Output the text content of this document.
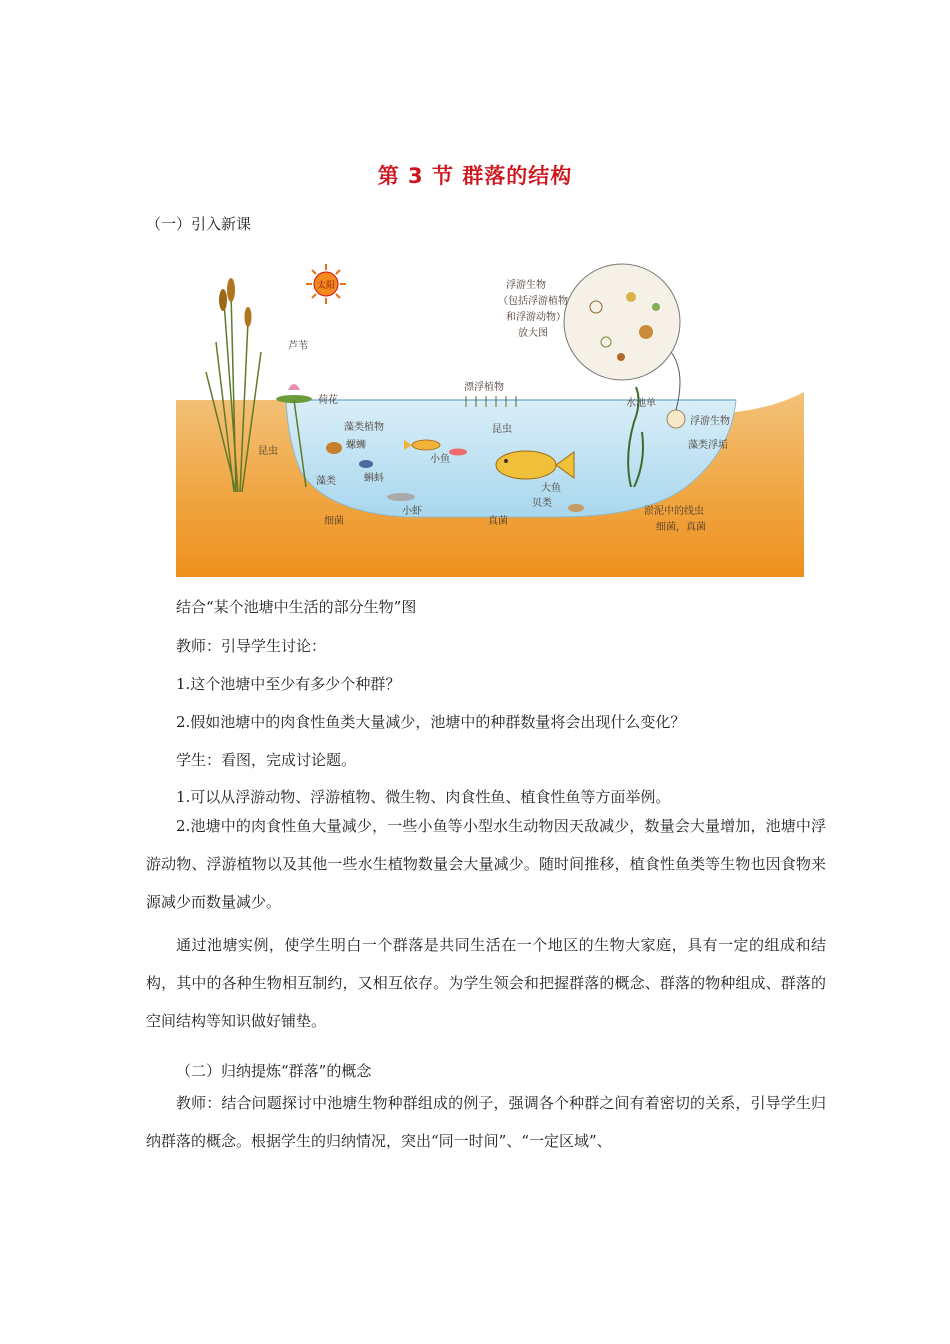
第 3 节 群落的结构
（一）引入新课
太阳
芦苇
荷花
昆虫
藻类植物
螺蛳
蝌蚪
藻类
小虾
细菌	真菌
小鱼
大鱼
贝类
漂浮植物
昆虫
水池单
浮游生物
藻类浮垢
淤泥中的线虫
细菌，真菌
浮游生物
（包括浮游植物
和浮游动物）
放大图
结合“某个池塘中生活的部分生物”图
教师：引导学生讨论：
1.这个池塘中至少有多少个种群？
2.假如池塘中的肉食性鱼类大量减少，池塘中的种群数量将会出现什么变化？
学生：看图，完成讨论题。
1.可以从浮游动物、浮游植物、微生物、肉食性鱼、植食性鱼等方面举例。

2.池塘中的肉食性鱼大量减少，一些小鱼等小型水生动物因天敌减少，数量会大量增加，池塘中浮游动物、浮游植物以及其他一些水生植物数量会大量减少。随时间推移，植食性鱼类等生物也因食物来源减少而数量减少。

通过池塘实例，使学生明白一个群落是共同生活在一个地区的生物大家庭，具有一定的组成和结构，其中的各种生物相互制约，又相互依存。为学生领会和把握群落的概念、群落的物种组成、群落的空间结构等知识做好铺垫。

（二）归纳提炼“群落”的概念

教师：结合问题探讨中池塘生物种群组成的例子，强调各个种群之间有着密切的关系，引导学生归纳群落的概念。根据学生的归纳情况，突出“同一时间”、“一定区域”、
